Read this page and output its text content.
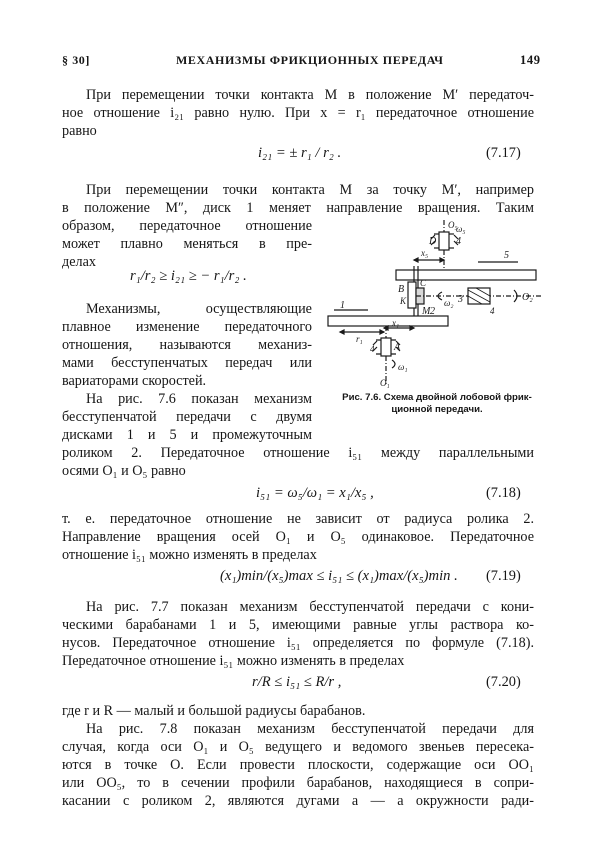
§ 30]	МЕХАНИЗМЫ ФРИКЦИОННЫХ ПЕРЕДАЧ	149
При перемещении точки контакта M в положение M′ передаточ-
ное отношение i₂₁ равно нулю. При x = r₁ передаточное отношение
равно
i₂₁ = ± r₁ / r₂ .	(7.17)
При перемещении точки контакта M за точку M′, например
в положение M″, диск 1 меняет направление вращения. Таким
образом, передаточное отношение
может плавно меняться в пре-
делах
r₁/r₂ ≥ i₂₁ ≥ − r₁/r₂ .
Механизмы, осуществляющие
плавное изменение передаточного
отношения, называются механиз-
мами бесступенчатых передач или
вариаторами скоростей.
На рис. 7.6 показан механизм
бесступенчатой передачи с двумя
дисками 1 и 5 и промежуточным
роликом 2. Передаточное отношение i₅₁ между параллельными
осями O₁ и O₅ равно
i₅₁ = ω₅/ω₁ = x₁/x₅ ,	(7.18)
т. е. передаточное отношение не зависит от радиуса ролика 2.
Направление вращения осей O₁ и O₅ одинаковое. Передаточное
отношение i₅₁ можно изменять в пределах
(x₁)min/(x₅)max ≤ i₅₁ ≤ (x₁)max/(x₅)min . (7.19)
На рис. 7.7 показан механизм бесступенчатой передачи с кони-
ческими барабанами 1 и 5, имеющими равные углы раствора ко-
нусов. Передаточное отношение i₅₁ определяется по формуле (7.18).
Передаточное отношение i₅₁ можно изменять в пределах
r/R ≤ i₅₁ ≤ R/r ,	(7.20)
где r и R — малый и большой радиусы барабанов.
На рис. 7.8 показан механизм бесступенчатой передачи для
случая, когда оси O₁ и O₅ ведущего и ведомого звеньев пересека-
ются в точке O. Если провести плоскости, содержащие оси OO₁
или OO₅, то в сечении профили барабанов, находящиеся в сопри-
касании с роликом 2, являются дугами a — a окружности ради-
O₅
ω₅
D 4
x₅	5
B
K
C
M
ω₂ 3	O₂
4
1
2
r₁
x₁
4 A
ω₁
O₁
Рис. 7.6. Схема двойной лобовой фрик-
ционной передачи.
